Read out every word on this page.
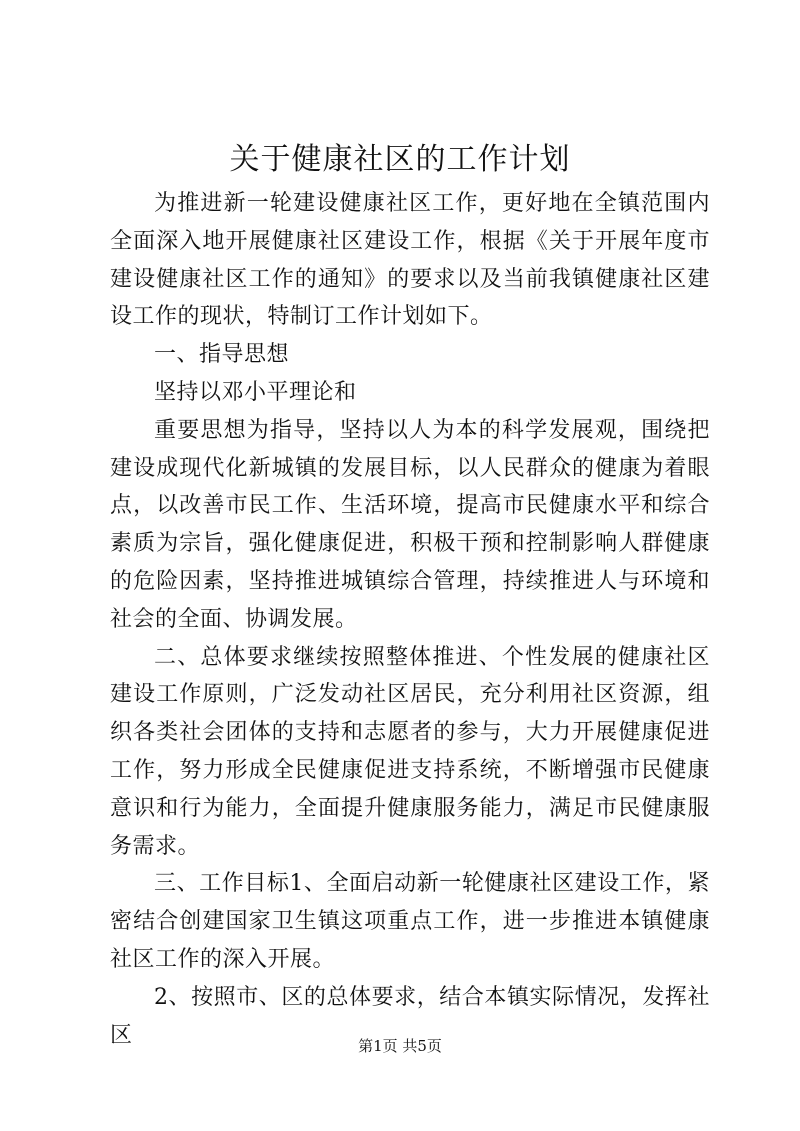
关于健康社区的工作计划

为推进新一轮建设健康社区工作，更好地在全镇范围内全面深入地开展健康社区建设工作，根据《关于开展年度市建设健康社区工作的通知》的要求以及当前我镇健康社区建设工作的现状，特制订工作计划如下。

一、指导思想

坚持以邓小平理论和

重要思想为指导，坚持以人为本的科学发展观，围绕把建设成现代化新城镇的发展目标，以人民群众的健康为着眼点，以改善市民工作、生活环境，提高市民健康水平和综合素质为宗旨，强化健康促进，积极干预和控制影响人群健康的危险因素，坚持推进城镇综合管理，持续推进人与环境和社会的全面、协调发展。

二、总体要求继续按照整体推进、个性发展的健康社区建设工作原则，广泛发动社区居民，充分利用社区资源，组织各类社会团体的支持和志愿者的参与，大力开展健康促进工作，努力形成全民健康促进支持系统，不断增强市民健康意识和行为能力，全面提升健康服务能力，满足市民健康服务需求。

三、工作目标1、全面启动新一轮健康社区建设工作，紧密结合创建国家卫生镇这项重点工作，进一步推进本镇健康社区工作的深入开展。

2、按照市、区的总体要求，结合本镇实际情况，发挥社区	第1页 共5页
